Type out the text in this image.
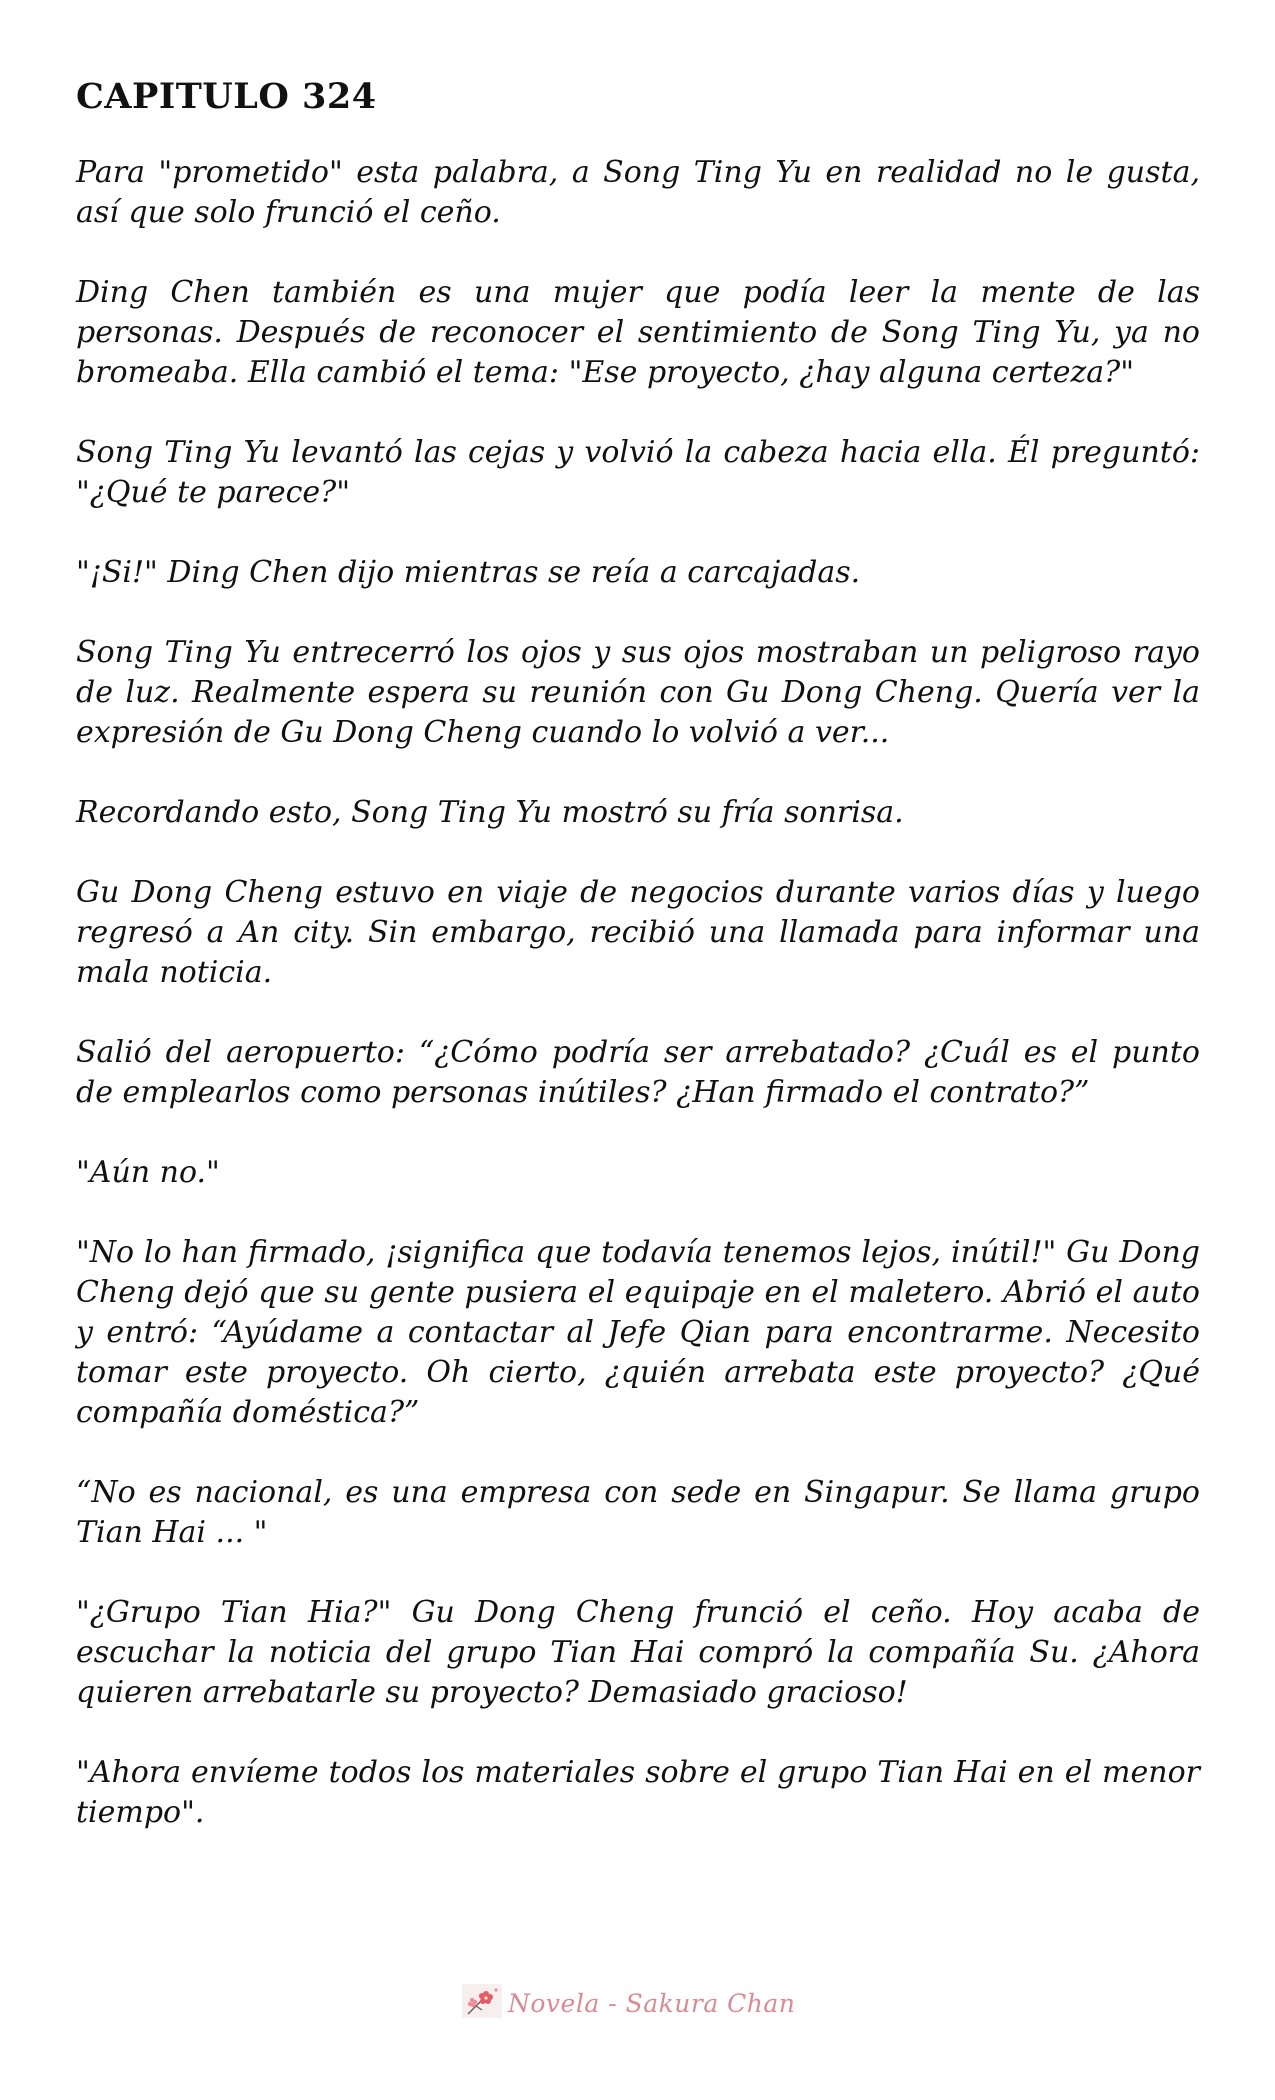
CAPITULO 324

Para "prometido" esta palabra, a Song Ting Yu en realidad no le gusta, así que solo frunció el ceño.

Ding Chen también es una mujer que podía leer la mente de las personas. Después de reconocer el sentimiento de Song Ting Yu, ya no bromeaba. Ella cambió el tema: "Ese proyecto, ¿hay alguna certeza?"

Song Ting Yu levantó las cejas y volvió la cabeza hacia ella. Él preguntó: "¿Qué te parece?"

"¡Si!" Ding Chen dijo mientras se reía a carcajadas.

Song Ting Yu entrecerró los ojos y sus ojos mostraban un peligroso rayo de luz. Realmente espera su reunión con Gu Dong Cheng. Quería ver la expresión de Gu Dong Cheng cuando lo volvió a ver...

Recordando esto, Song Ting Yu mostró su fría sonrisa.

Gu Dong Cheng estuvo en viaje de negocios durante varios días y luego regresó a An city. Sin embargo, recibió una llamada para informar una mala noticia.

Salió del aeropuerto: “¿Cómo podría ser arrebatado? ¿Cuál es el punto de emplearlos como personas inútiles? ¿Han firmado el contrato?”

"Aún no."

"No lo han firmado, ¡significa que todavía tenemos lejos, inútil!" Gu Dong Cheng dejó que su gente pusiera el equipaje en el maletero. Abrió el auto y entró: “Ayúdame a contactar al Jefe Qian para encontrarme. Necesito tomar este proyecto. Oh cierto, ¿quién arrebata este proyecto? ¿Qué compañía doméstica?”

“No es nacional, es una empresa con sede en Singapur. Se llama grupo Tian Hai ... "

"¿Grupo Tian Hia?" Gu Dong Cheng frunció el ceño. Hoy acaba de escuchar la noticia del grupo Tian Hai compró la compañía Su. ¿Ahora quieren arrebatarle su proyecto? Demasiado gracioso!

"Ahora envíeme todos los materiales sobre el grupo Tian Hai en el menor tiempo".

Novela - Sakura Chan
